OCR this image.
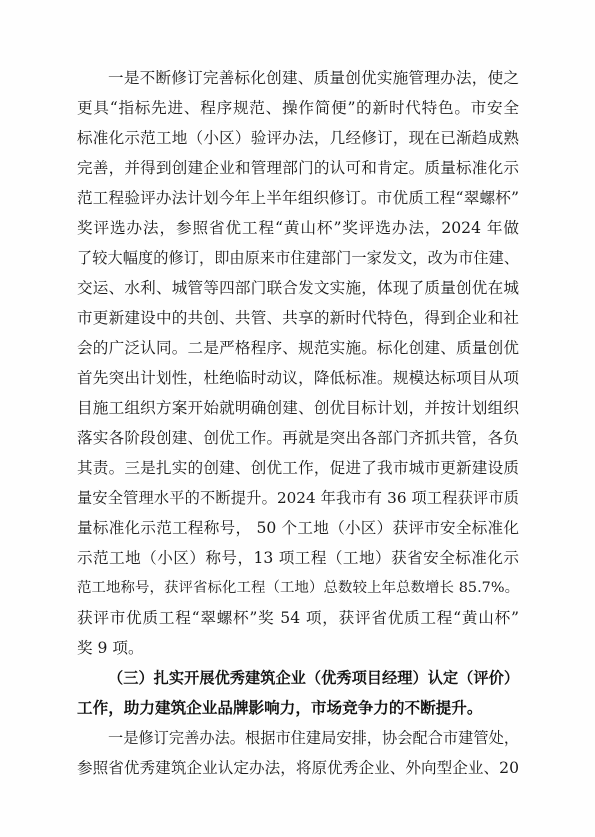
一是不断修订完善标化创建、质量创优实施管理办法，使之
更具“指标先进、程序规范、操作简便”的新时代特色。市安全
标准化示范工地（小区）验评办法，几经修订，现在已渐趋成熟
完善，并得到创建企业和管理部门的认可和肯定。质量标准化示
范工程验评办法计划今年上半年组织修订。市优质工程“翠螺杯”
奖评选办法，参照省优工程“黄山杯”奖评选办法，2024 年做
了较大幅度的修订，即由原来市住建部门一家发文，改为市住建、
交运、水利、城管等四部门联合发文实施，体现了质量创优在城
市更新建设中的共创、共管、共享的新时代特色，得到企业和社
会的广泛认同。二是严格程序、规范实施。标化创建、质量创优
首先突出计划性，杜绝临时动议，降低标准。规模达标项目从项
目施工组织方案开始就明确创建、创优目标计划，并按计划组织
落实各阶段创建、创优工作。再就是突出各部门齐抓共管，各负
其责。三是扎实的创建、创优工作，促进了我市城市更新建设质
量安全管理水平的不断提升。2024 年我市有 36 项工程获评市质
量标准化示范工程称号， 50 个工地（小区）获评市安全标准化
示范工地（小区）称号，13 项工程（工地）获省安全标准化示
范工地称号，获评省标化工程（工地）总数较上年总数增长 85.7%。
获评市优质工程“翠螺杯”奖 54 项，获评省优质工程“黄山杯”
奖 9 项。
（三）扎实开展优秀建筑企业（优秀项目经理）认定（评价）
工作，助力建筑企业品牌影响力，市场竞争力的不断提升。
一是修订完善办法。根据市住建局安排，协会配合市建管处，
参照省优秀建筑企业认定办法，将原优秀企业、外向型企业、20
